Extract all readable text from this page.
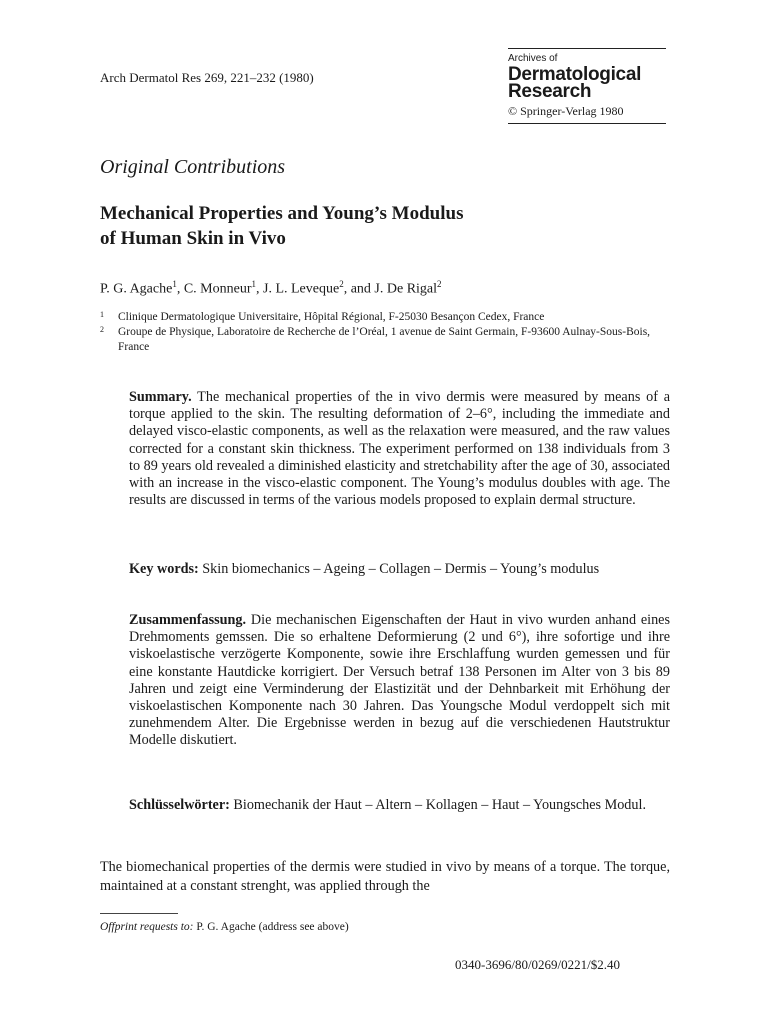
Arch Dermatol Res 269, 221–232 (1980)
Archives of
Dermatological
Research
© Springer-Verlag 1980
Original Contributions
Mechanical Properties and Young’s Modulus
of Human Skin in Vivo
P. G. Agache$^1$, C. Monneur$^1$, J. L. Leveque$^2$, and J. De Rigal$^2$
1 Clinique Dermatologique Universitaire, Hôpital Régional, F-25030 Besançon Cedex, France
2 Groupe de Physique, Laboratoire de Recherche de l’Oréal, 1 avenue de Saint Germain, F-93600 Aulnay-Sous-Bois, France
Summary. The mechanical properties of the in vivo dermis were measured by means of a torque applied to the skin. The resulting deformation of 2–6°, including the immediate and delayed visco-elastic components, as well as the relaxation were measured, and the raw values corrected for a constant skin thickness. The experiment performed on 138 individuals from 3 to 89 years old revealed a diminished elasticity and stretchability after the age of 30, associated with an increase in the visco-elastic component. The Young’s modulus doubles with age. The results are discussed in terms of the various models proposed to explain dermal structure.
Key words: Skin biomechanics – Ageing – Collagen – Dermis – Young’s modulus
Zusammenfassung. Die mechanischen Eigenschaften der Haut in vivo wurden anhand eines Drehmoments gemssen. Die so erhaltene Deformierung (2 und 6°), ihre sofortige und ihre viskoelastische verzögerte Komponente, sowie ihre Erschlaffung wurden gemessen und für eine konstante Hautdicke korrigiert. Der Versuch betraf 138 Personen im Alter von 3 bis 89 Jahren und zeigt eine Verminderung der Elastizität und der Dehnbarkeit mit Erhöhung der viskoelastischen Komponente nach 30 Jahren. Das Youngsche Modul verdoppelt sich mit zunehmendem Alter. Die Ergebnisse werden in bezug auf die verschiedenen Hautstruktur Modelle diskutiert.
Schlüsselwörter: Biomechanik der Haut – Altern – Kollagen – Haut – Youngsches Modul.
The biomechanical properties of the dermis were studied in vivo by means of a torque. The torque, maintained at a constant strenght, was applied through the
Offprint requests to: P. G. Agache (address see above)
0340-3696/80/0269/0221/$2.40
